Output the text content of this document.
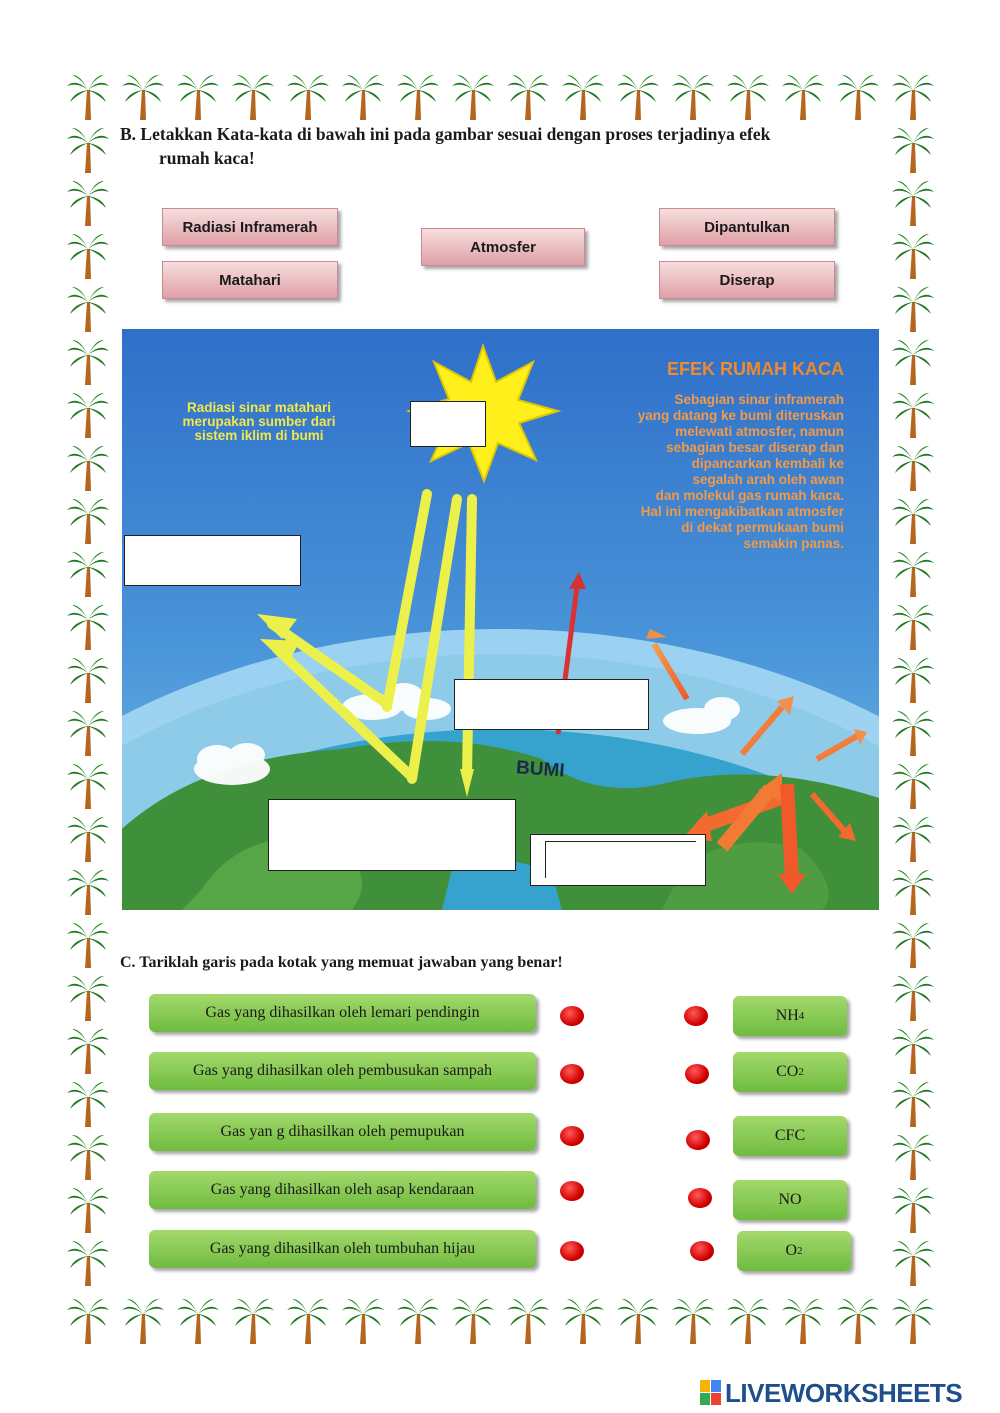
B. Letakkan Kata-kata di bawah ini pada gambar sesuai dengan proses terjadinya efek
rumah kaca!
Radiasi Inframerah
Matahari
Atmosfer
Dipantulkan
Diserap
EFEK RUMAH KACA
Radiasi sinar matahari
merupakan sumber dari
sistem iklim di bumi
Sebagian sinar inframerah
yang datang ke bumi diteruskan
melewati atmosfer, namun
sebagian besar diserap dan
dipancarkan kembali ke
segalah arah oleh awan
dan molekul gas rumah kaca.
Hal ini mengakibatkan atmosfer
di dekat permukaan bumi
semakin panas.
BUMI
C. Tariklah garis pada kotak yang memuat jawaban yang benar!
Gas yang dihasilkan oleh lemari pendingin
Gas yang dihasilkan oleh pembusukan sampah
Gas yan g dihasilkan oleh pemupukan
Gas yang dihasilkan oleh asap kendaraan
Gas yang dihasilkan oleh tumbuhan hijau
NH 4
CO 2
CFC
NO
O 2
LIVEWORKSHEETS
